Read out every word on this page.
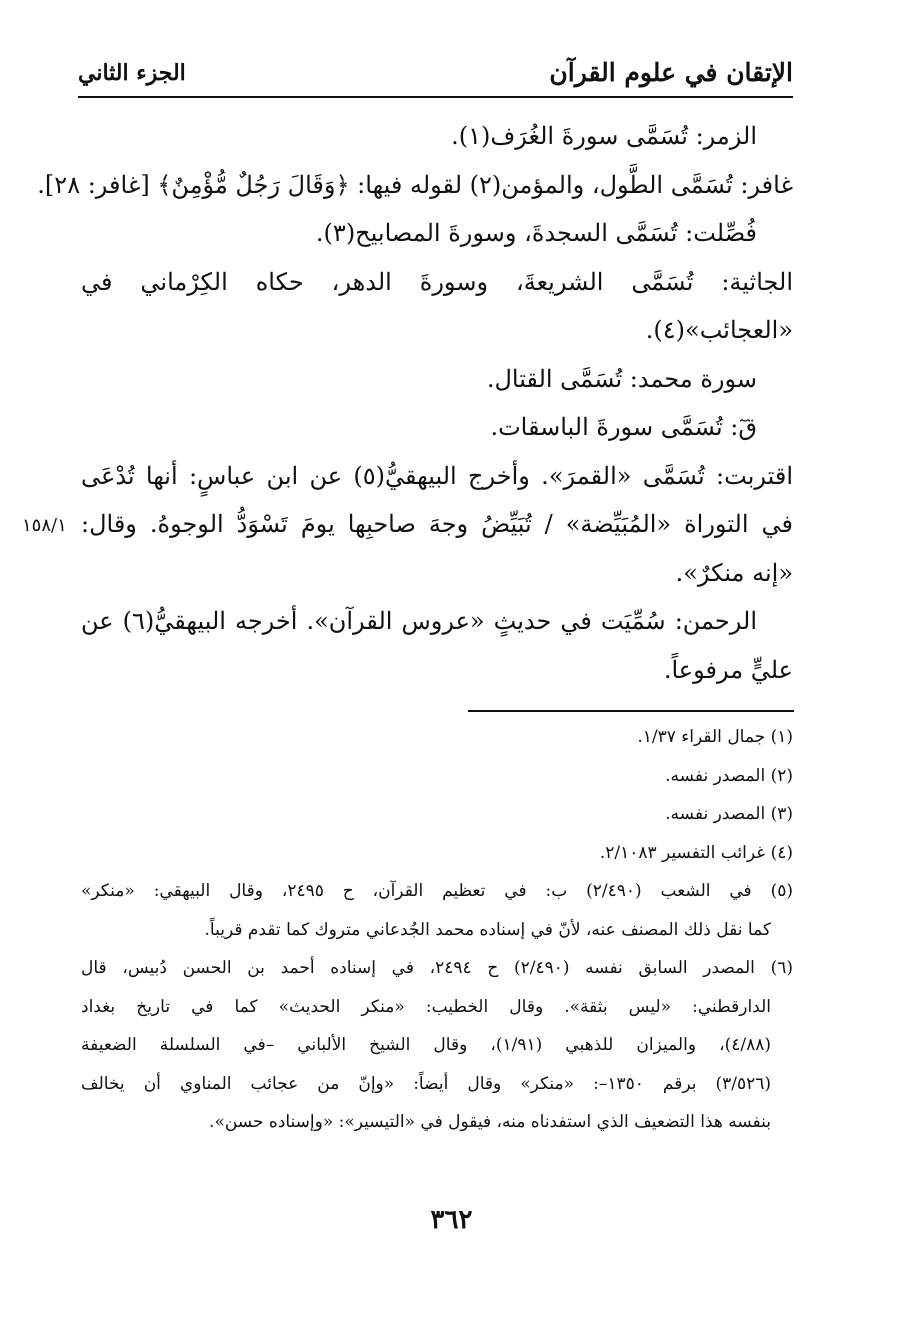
الإتقان في علوم القرآن
الجزء الثاني
الزمر: تُسَمَّى سورةَ الغُرَف(١).
غافر: تُسَمَّى الطَّول، والمؤمن(٢) لقوله فيها: ﴿وَقَالَ رَجُلٌ مُّؤْمِنٌ﴾ [غافر: ٢٨].
فُصِّلت: تُسَمَّى السجدةَ، وسورةَ المصابيح(٣).
الجاثية: تُسَمَّى الشريعةَ، وسورةَ الدهر، حكاه الكِرْماني في
«العجائب»(٤).
سورة محمد: تُسَمَّى القتال.
قٓ: تُسَمَّى سورةَ الباسقات.
اقتربت: تُسَمَّى «القمرَ». وأخرج البيهقيُّ(٥) عن ابن عباسٍ: أنها تُدْعَى
في التوراة «المُبَيِّضة» / تُبَيِّضُ وجهَ صاحبِها يومَ تَسْوَدُّ الوجوهُ. وقال:
«إنه منكرٌ».
الرحمن: سُمِّيَت في حديثٍ «عروس القرآن». أخرجه البيهقيُّ(٦) عن
عليٍّ مرفوعاً.
١٥٨/١
(١) جمال القراء ١/٣٧.
(٢) المصدر نفسه.
(٣) المصدر نفسه.
(٤) غرائب التفسير ٢/١٠٨٣.
(٥) في الشعب (٢/٤٩٠) ب: في تعظيم القرآن، ح ٢٤٩٥، وقال البيهقي: «منكر»
كما نقل ذلك المصنف عنه، لأنّ في إسناده محمد الجُدعاني متروك كما تقدم قريباً.
(٦) المصدر السابق نفسه (٢/٤٩٠) ح ٢٤٩٤، في إسناده أحمد بن الحسن دُبيس، قال
الدارقطني: «ليس بثقة». وقال الخطيب: «منكر الحديث» كما في تاريخ بغداد
(٤/٨٨)، والميزان للذهبي (١/٩١)، وقال الشيخ الألباني –في السلسلة الضعيفة
(٣/٥٢٦) برقم ١٣٥٠–: «منكر» وقال أيضاً: «وإنّ من عجائب المناوي أن يخالف
بنفسه هذا التضعيف الذي استفدناه منه، فيقول في «التيسير»: «وإسناده حسن».
٣٦٢
